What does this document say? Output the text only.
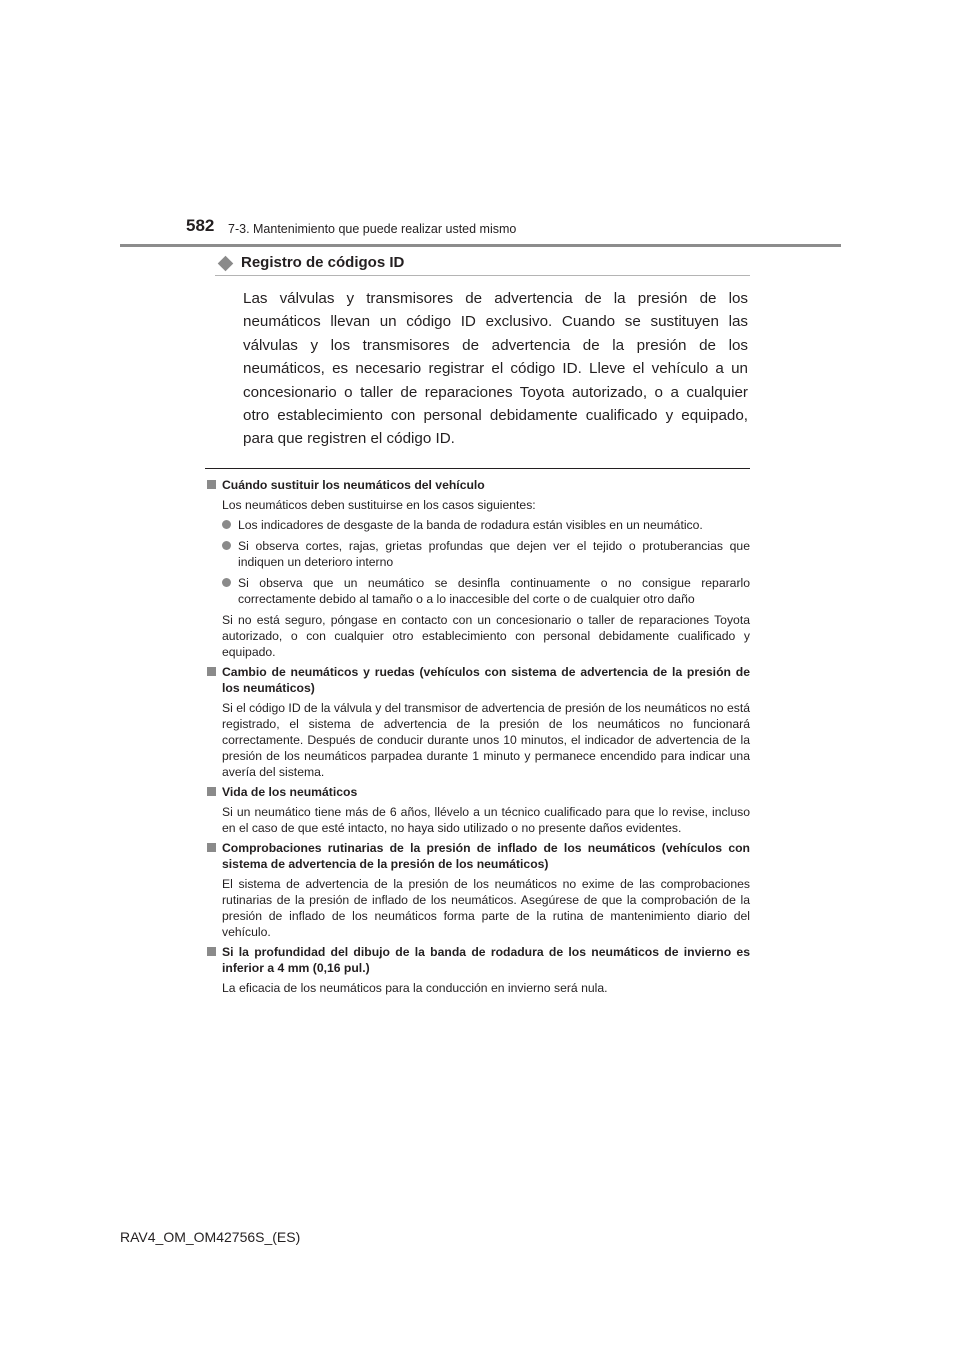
582 7-3. Mantenimiento que puede realizar usted mismo
Registro de códigos ID

Las válvulas y transmisores de advertencia de la presión de los neumáticos llevan un código ID exclusivo. Cuando se sustituyen las válvulas y los transmisores de advertencia de la presión de los neumáticos, es necesario registrar el código ID. Lleve el vehículo a un concesionario o taller de reparaciones Toyota autorizado, o a cualquier otro establecimiento con personal debidamente cualificado y equipado, para que registren el código ID.

Cuándo sustituir los neumáticos del vehículo
Los neumáticos deben sustituirse en los casos siguientes:
Los indicadores de desgaste de la banda de rodadura están visibles en un neumático.
Si observa cortes, rajas, grietas profundas que dejen ver el tejido o protuberancias que indiquen un deterioro interno
Si observa que un neumático se desinfla continuamente o no consigue repararlo correctamente debido al tamaño o a lo inaccesible del corte o de cualquier otro daño
Si no está seguro, póngase en contacto con un concesionario o taller de reparaciones Toyota autorizado, o con cualquier otro establecimiento con personal debidamente cualificado y equipado.
Cambio de neumáticos y ruedas (vehículos con sistema de advertencia de la presión de los neumáticos)
Si el código ID de la válvula y del transmisor de advertencia de presión de los neumáticos no está registrado, el sistema de advertencia de la presión de los neumáticos no funcionará correctamente. Después de conducir durante unos 10 minutos, el indicador de advertencia de la presión de los neumáticos parpadea durante 1 minuto y permanece encendido para indicar una avería del sistema.
Vida de los neumáticos
Si un neumático tiene más de 6 años, llévelo a un técnico cualificado para que lo revise, incluso en el caso de que esté intacto, no haya sido utilizado o no presente daños evidentes.
Comprobaciones rutinarias de la presión de inflado de los neumáticos (vehículos con sistema de advertencia de la presión de los neumáticos)
El sistema de advertencia de la presión de los neumáticos no exime de las comprobaciones rutinarias de la presión de inflado de los neumáticos. Asegúrese de que la comprobación de la presión de inflado de los neumáticos forma parte de la rutina de mantenimiento diario del vehículo.
Si la profundidad del dibujo de la banda de rodadura de los neumáticos de invierno es inferior a 4 mm (0,16 pul.)
La eficacia de los neumáticos para la conducción en invierno será nula.
RAV4_OM_OM42756S_(ES)
